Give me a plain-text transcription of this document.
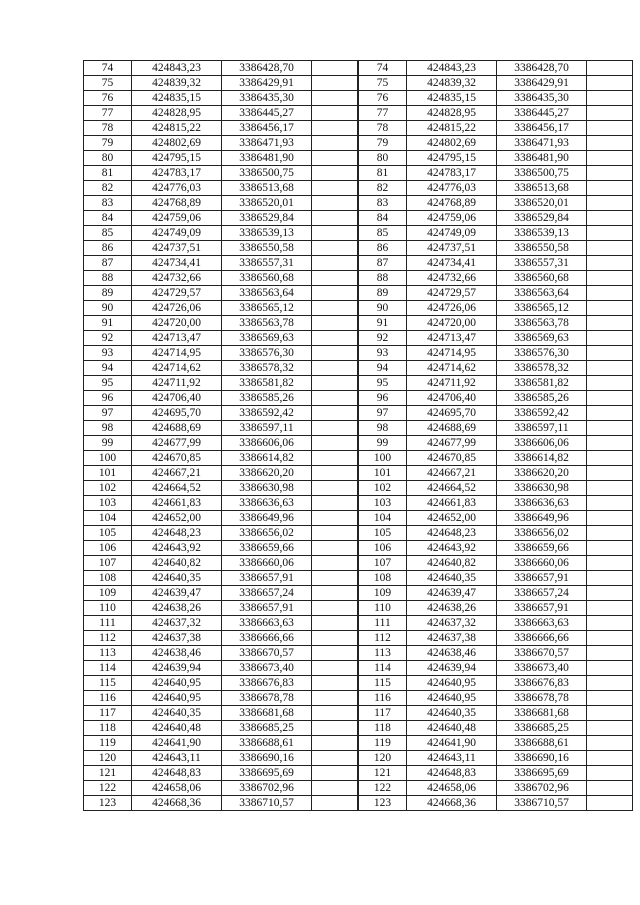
74	424843,23	3386428,70	
75	424839,32	3386429,91	
76	424835,15	3386435,30	
77	424828,95	3386445,27	
78	424815,22	3386456,17	
79	424802,69	3386471,93	
80	424795,15	3386481,90	
81	424783,17	3386500,75	
82	424776,03	3386513,68	
83	424768,89	3386520,01	
84	424759,06	3386529,84	
85	424749,09	3386539,13	
86	424737,51	3386550,58	
87	424734,41	3386557,31	
88	424732,66	3386560,68	
89	424729,57	3386563,64	
90	424726,06	3386565,12	
91	424720,00	3386563,78	
92	424713,47	3386569,63	
93	424714,95	3386576,30	
94	424714,62	3386578,32	
95	424711,92	3386581,82	
96	424706,40	3386585,26	
97	424695,70	3386592,42	
98	424688,69	3386597,11	
99	424677,99	3386606,06	
100	424670,85	3386614,82	
101	424667,21	3386620,20	
102	424664,52	3386630,98	
103	424661,83	3386636,63	
104	424652,00	3386649,96	
105	424648,23	3386656,02	
106	424643,92	3386659,66	
107	424640,82	3386660,06	
108	424640,35	3386657,91	
109	424639,47	3386657,24	
110	424638,26	3386657,91	
111	424637,32	3386663,63	
112	424637,38	3386666,66	
113	424638,46	3386670,57	
114	424639,94	3386673,40	
115	424640,95	3386676,83	
116	424640,95	3386678,78	
117	424640,35	3386681,68	
118	424640,48	3386685,25	
119	424641,90	3386688,61	
120	424643,11	3386690,16	
121	424648,83	3386695,69	
122	424658,06	3386702,96	
123	424668,36	3386710,57	
74	424843,23	3386428,70	
75	424839,32	3386429,91	
76	424835,15	3386435,30	
77	424828,95	3386445,27	
78	424815,22	3386456,17	
79	424802,69	3386471,93	
80	424795,15	3386481,90	
81	424783,17	3386500,75	
82	424776,03	3386513,68	
83	424768,89	3386520,01	
84	424759,06	3386529,84	
85	424749,09	3386539,13	
86	424737,51	3386550,58	
87	424734,41	3386557,31	
88	424732,66	3386560,68	
89	424729,57	3386563,64	
90	424726,06	3386565,12	
91	424720,00	3386563,78	
92	424713,47	3386569,63	
93	424714,95	3386576,30	
94	424714,62	3386578,32	
95	424711,92	3386581,82	
96	424706,40	3386585,26	
97	424695,70	3386592,42	
98	424688,69	3386597,11	
99	424677,99	3386606,06	
100	424670,85	3386614,82	
101	424667,21	3386620,20	
102	424664,52	3386630,98	
103	424661,83	3386636,63	
104	424652,00	3386649,96	
105	424648,23	3386656,02	
106	424643,92	3386659,66	
107	424640,82	3386660,06	
108	424640,35	3386657,91	
109	424639,47	3386657,24	
110	424638,26	3386657,91	
111	424637,32	3386663,63	
112	424637,38	3386666,66	
113	424638,46	3386670,57	
114	424639,94	3386673,40	
115	424640,95	3386676,83	
116	424640,95	3386678,78	
117	424640,35	3386681,68	
118	424640,48	3386685,25	
119	424641,90	3386688,61	
120	424643,11	3386690,16	
121	424648,83	3386695,69	
122	424658,06	3386702,96	
123	424668,36	3386710,57	
